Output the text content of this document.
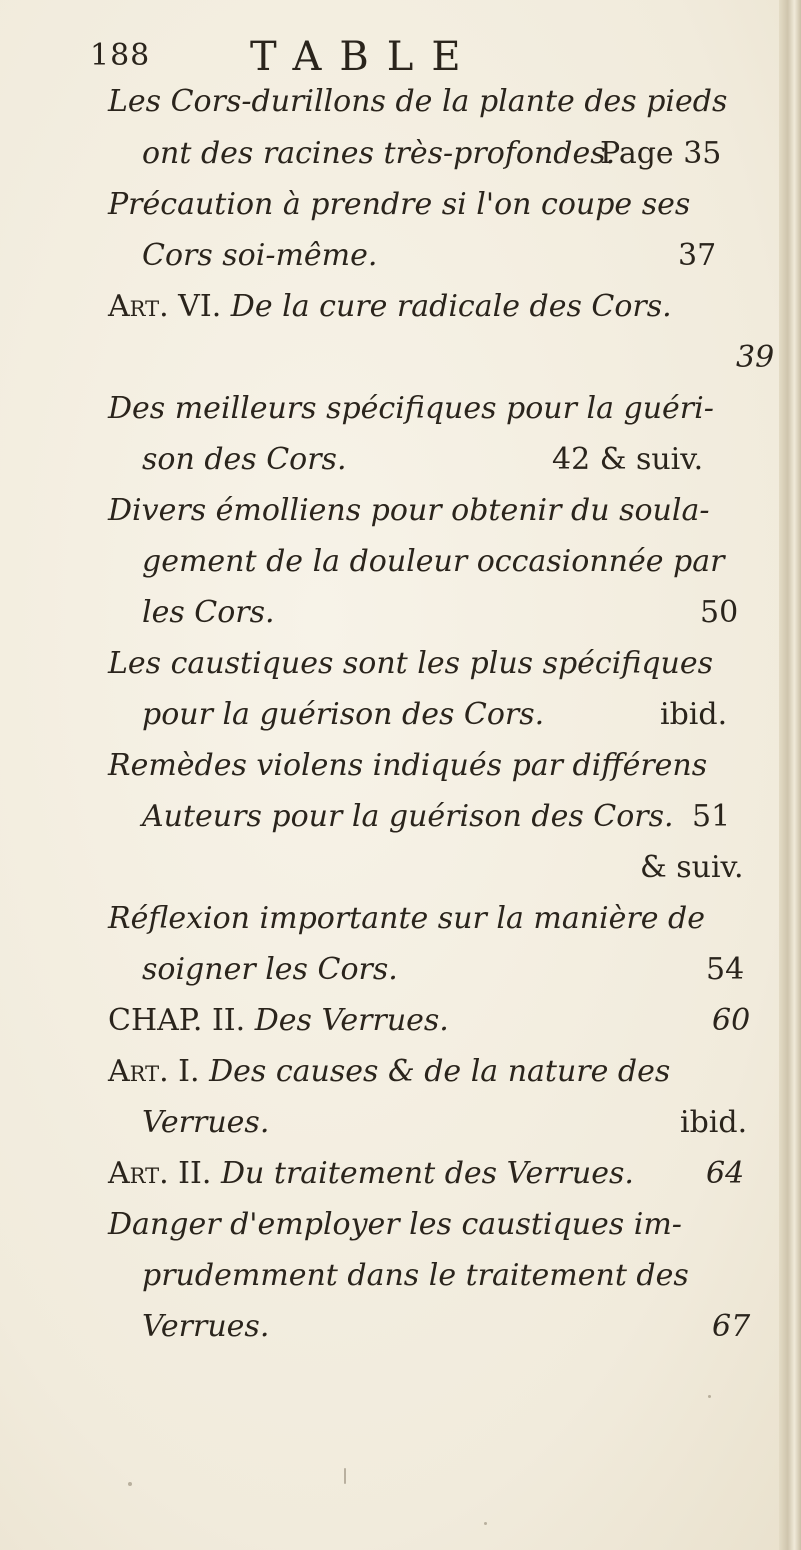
188 TABLE
Les Cors-durillons de la plante des pieds
ont des racines très-profondes.
Page 35
Précaution à prendre si l'on coupe ses
Cors soi-même.	37
Art. VI. De la cure radicale des Cors.
39
Des meilleurs spécifiques pour la guéri-
son des Cors.	42 & suiv.
Divers émolliens pour obtenir du soula-
gement de la douleur occasionnée par
les Cors.	50
Les caustiques sont les plus spécifiques
pour la guérison des Cors.	ibid.
Remèdes violens indiqués par différens
Auteurs pour la guérison des Cors. 51
& suiv.
Réflexion importante sur la manière de
soigner les Cors.	54
CHAP. II. Des Verrues.	60
Art. I. Des causes & de la nature des
Verrues.	ibid.
Art. II. Du traitement des Verrues. 64
Danger d'employer les caustiques im-
prudemment dans le traitement des
Verrues.	67
